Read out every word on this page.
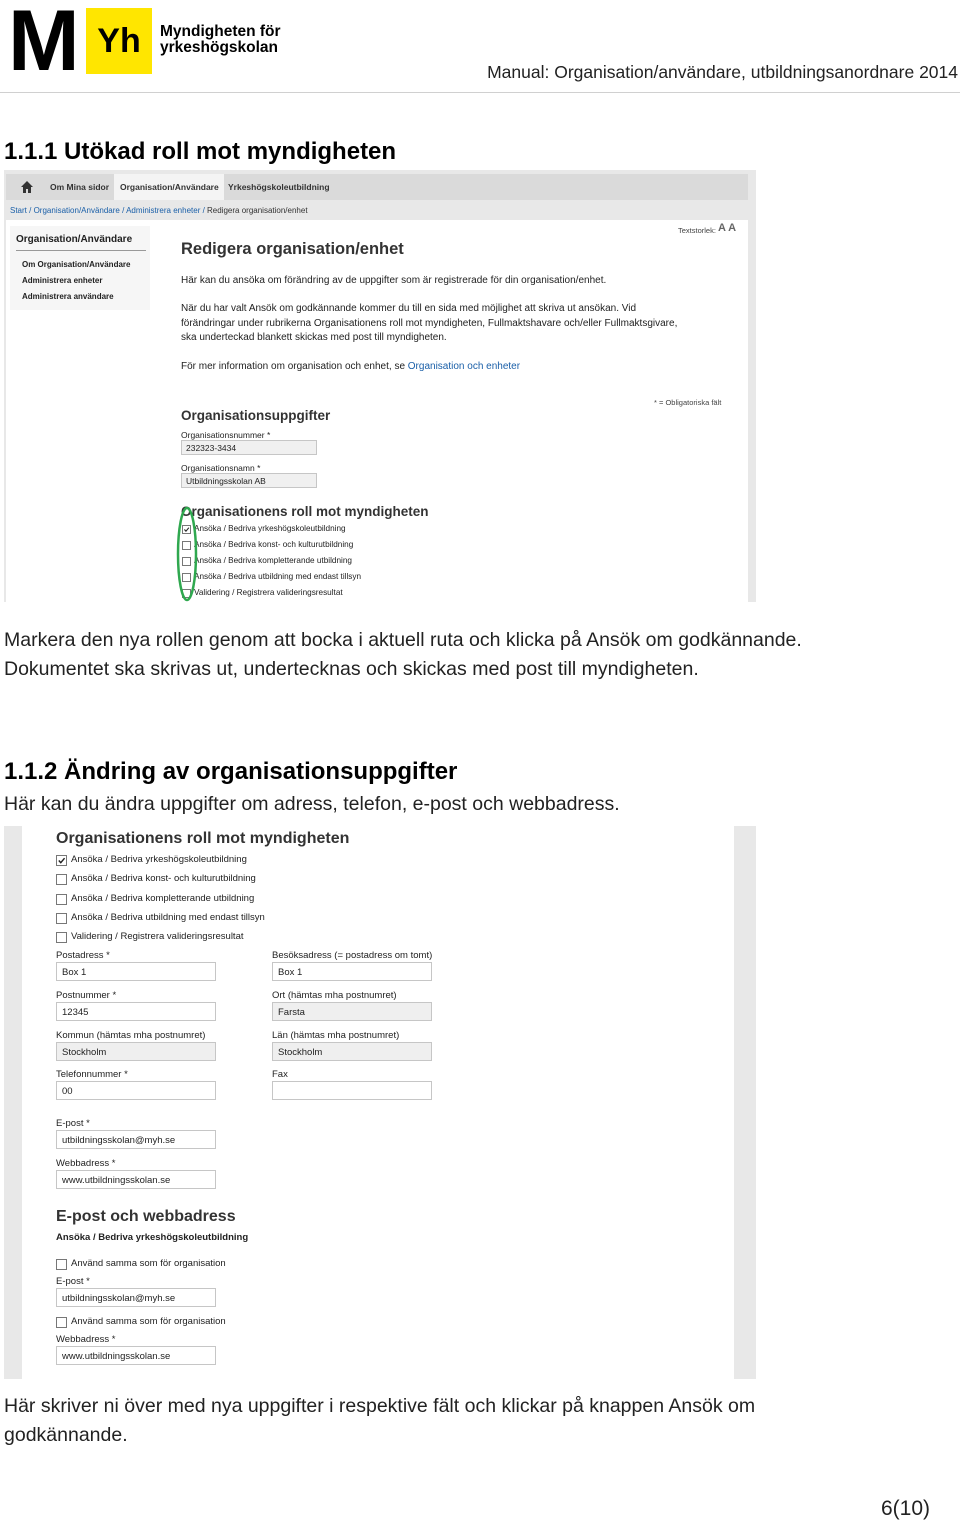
M Yh	Myndigheten för
yrkeshögskolan
Manual: Organisation/användare, utbildningsanordnare 2014
1.1.1 Utökad roll mot myndigheten
Om Mina sidor	Organisation/Användare	Yrkeshögskoleutbildning
Start / Organisation/Användare / Administrera enheter / Redigera organisation/enhet
Organisation/Användare
Om Organisation/Användare
Administrera enheter
Administrera användare
Textstorlek: A A
Redigera organisation/enhet
Här kan du ansöka om förändring av de uppgifter som är registrerade för din organisation/enhet.
När du har valt Ansök om godkännande kommer du till en sida med möjlighet att skriva ut ansökan. Vid
förändringar under rubrikerna Organisationens roll mot myndigheten, Fullmaktshavare och/eller Fullmaktsgivare,
ska underteckad blankett skickas med post till myndigheten.
För mer information om organisation och enhet, se Organisation och enheter
* = Obligatoriska fält
Organisationsuppgifter
Organisationsnummer *
232323-3434
Organisationsnamn *
Utbildningsskolan AB
Organisationens roll mot myndigheten
Ansöka / Bedriva yrkeshögskoleutbildning
Ansöka / Bedriva konst- och kulturutbildning
Ansöka / Bedriva kompletterande utbildning
Ansöka / Bedriva utbildning med endast tillsyn
Validering / Registrera valideringsresultat

Markera den nya rollen genom att bocka i aktuell ruta och klicka på Ansök om godkännande.

Dokumentet ska skrivas ut, undertecknas och skickas med post till myndigheten.

1.1.2 Ändring av organisationsuppgifter

Här kan du ändra uppgifter om adress, telefon, e-post och webbadress.

Organisationens roll mot myndigheten
Ansöka / Bedriva yrkeshögskoleutbildning
Ansöka / Bedriva konst- och kulturutbildning
Ansöka / Bedriva kompletterande utbildning
Ansöka / Bedriva utbildning med endast tillsyn
Validering / Registrera valideringsresultat
Postadress *
Box 1
Besöksadress (= postadress om tomt)
Box 1
Postnummer *
12345
Ort (hämtas mha postnumret)
Farsta
Kommun (hämtas mha postnumret)
Stockholm
Län (hämtas mha postnumret)
Stockholm
Telefonnummer *
00
Fax
E-post *
utbildningsskolan@myh.se
Webbadress *
www.utbildningsskolan.se
E-post och webbadress
Ansöka / Bedriva yrkeshögskoleutbildning
Använd samma som för organisation
E-post *
utbildningsskolan@myh.se
Använd samma som för organisation
Webbadress *
www.utbildningsskolan.se

Här skriver ni över med nya uppgifter i respektive fält och klickar på knappen Ansök om

godkännande.

6(10)
